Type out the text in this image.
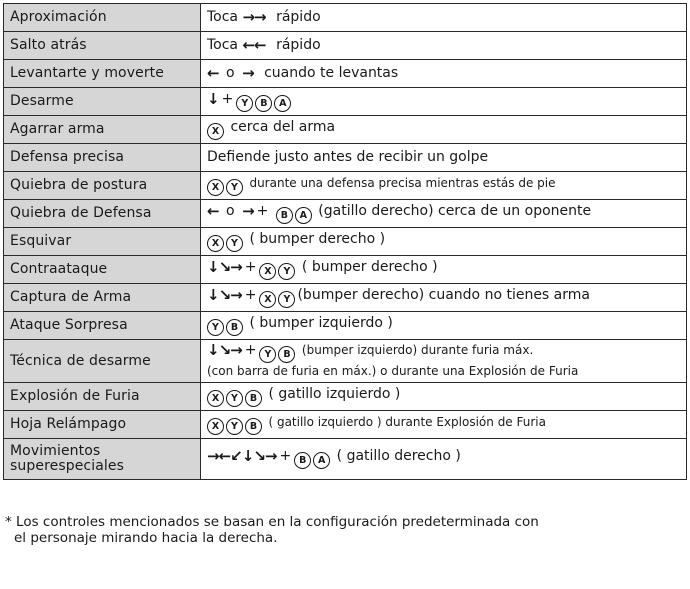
Aproximación	Toca →→ rápido
Salto atrás	Toca ←← rápido
Levantarte y moverte	← o → cuando te levantas
Desarme	↓ + Y B A
Agarrar arma	X cerca del arma
Defensa precisa	Defiende justo antes de recibir un golpe
Quiebra de postura	X Y durante una defensa precisa mientras estás de pie
Quiebra de Defensa	← o → + B A (gatillo derecho) cerca de un oponente
Esquivar	X Y ( bumper derecho )
Contraataque	↓↘→ + X Y ( bumper derecho )
Captura de Arma	↓↘→ + X Y (bumper derecho) cuando no tienes arma
Ataque Sorpresa	Y B ( bumper izquierdo )
Técnica de desarme	↓↘→ + Y B (bumper izquierdo) durante furia máx.
(con barra de furia en máx.) o durante una Explosión de Furia

Explosión de Furia	X Y B ( gatillo izquierdo )
Hoja Relámpago	X Y B ( gatillo izquierdo ) durante Explosión de Furia

Movimientos superespeciales	→←↙↓↘→ + B A ( gatillo derecho )
* Los controles mencionados se basan en la configuración predeterminada con
el personaje mirando hacia la derecha.
